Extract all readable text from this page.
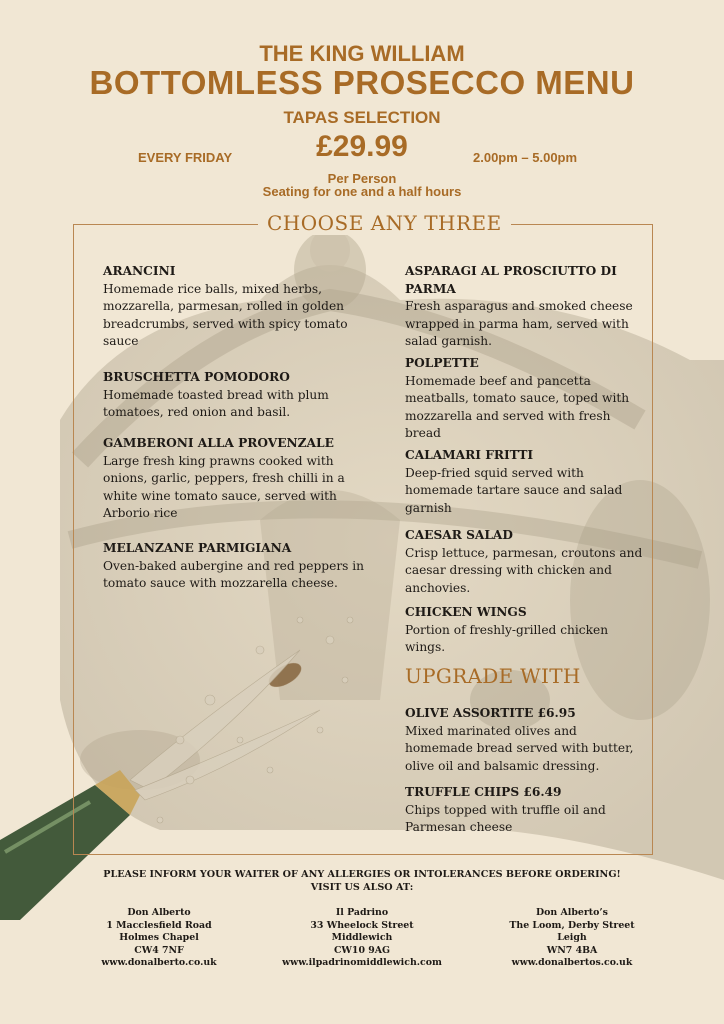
THE KING WILLIAM
BOTTOMLESS PROSECCO MENU
TAPAS SELECTION
EVERY FRIDAY	£29.99	2.00pm – 5.00pm
Per Person
Seating for one and a half hours
CHOOSE ANY THREE
ARANCINI
Homemade rice balls, mixed herbs, mozzarella, parmesan, rolled in golden breadcrumbs, served with spicy tomato sauce
BRUSCHETTA POMODORO
Homemade toasted bread with plum tomatoes, red onion and basil.
GAMBERONI ALLA PROVENZALE
Large fresh king prawns cooked with onions, garlic, peppers, fresh chilli in a white wine tomato sauce, served with Arborio rice
MELANZANE PARMIGIANA
Oven-baked aubergine and red peppers in tomato sauce with mozzarella cheese.
ASPARAGI AL PROSCIUTTO DI PARMA
Fresh asparagus and smoked cheese wrapped in parma ham, served with salad garnish.
POLPETTE
Homemade beef and pancetta meatballs, tomato sauce, toped with mozzarella and served with fresh bread
CALAMARI FRITTI
Deep-fried squid served with homemade tartare sauce and salad garnish
CAESAR SALAD
Crisp lettuce, parmesan, croutons and caesar dressing with chicken and anchovies.
CHICKEN WINGS
Portion of freshly-grilled chicken wings.
OLIVE ASSORTITE £6.95
Mixed marinated olives and homemade bread served with butter, olive oil and balsamic dressing.
TRUFFLE CHIPS £6.49
Chips topped with truffle oil and Parmesan cheese
UPGRADE WITH
PLEASE INFORM YOUR WAITER OF ANY ALLERGIES OR INTOLERANCES BEFORE ORDERING!
VISIT US ALSO AT:
Don Alberto
1 Macclesfield Road
Holmes Chapel
CW4 7NF
www.donalberto.co.uk
Il Padrino
33 Wheelock Street
Middlewich
CW10 9AG
www.ilpadrinomiddlewich.com
Don Alberto’s
The Loom, Derby Street
Leigh
WN7 4BA
www.donalbertos.co.uk
